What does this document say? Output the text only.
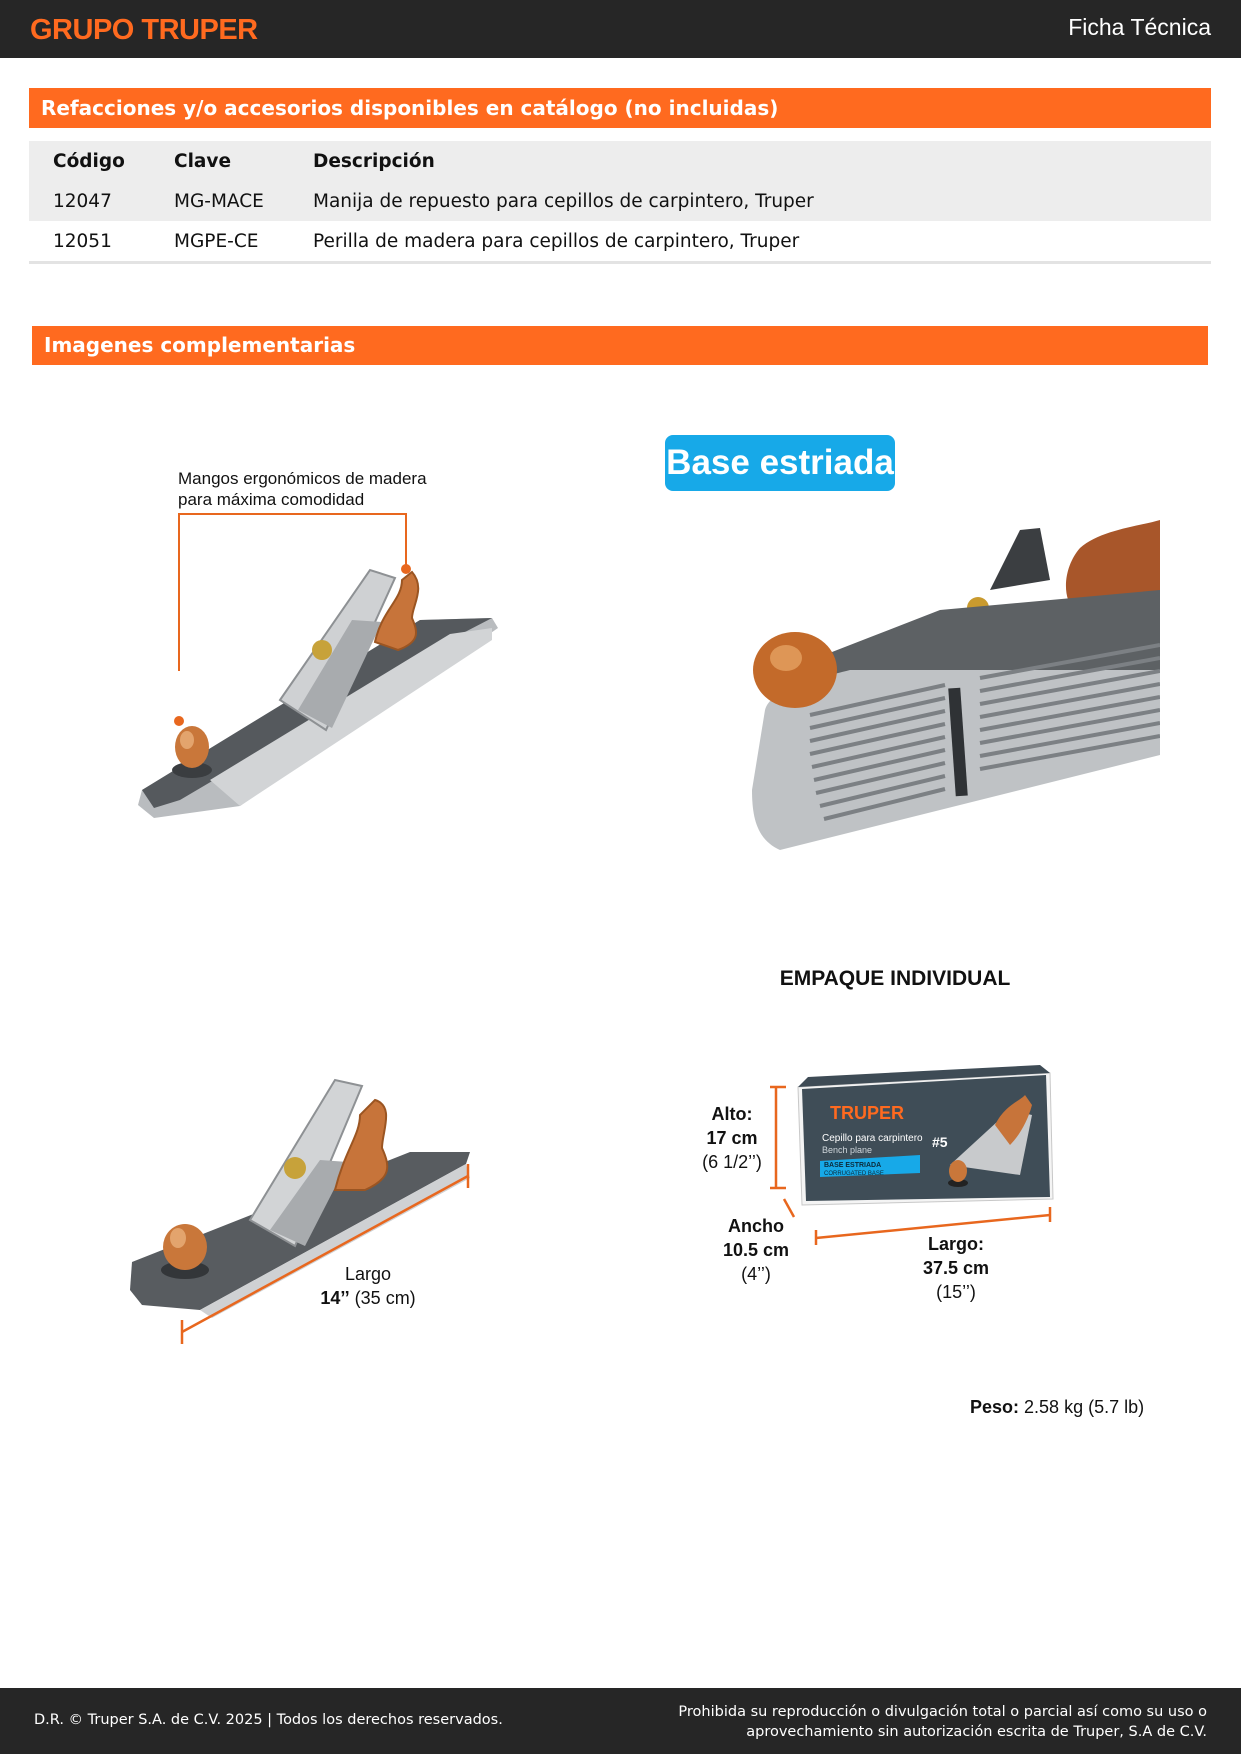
GRUPO TRUPER	Ficha Técnica
Refacciones y/o accesorios disponibles en catálogo (no incluidas)
Código	Clave	Descripción
12047	MG-MACE	Manija de repuesto para cepillos de carpintero, Truper
12051	MGPE-CE	Perilla de madera para cepillos de carpintero, Truper
Imagenes complementarias
Mangos ergonómicos de madera
para máxima comodidad
Base estriada
Largo
14’’ (35 cm)
EMPAQUE INDIVIDUAL
TRUPER
Cepillo para carpintero
Bench plane	#5
BASE ESTRIADA
CORRUGATED BASE
Alto:
17 cm
(6 1/2’’)
Ancho
10.5 cm
(4’’)
Largo:
37.5 cm
(15’’)
Peso: 2.58 kg (5.7 lb)
D.R. © Truper S.A. de C.V. 2025 | Todos los derechos reservados.	Prohibida su reproducción o divulgación total o parcial así como su uso o
aprovechamiento sin autorización escrita de Truper, S.A de C.V.
